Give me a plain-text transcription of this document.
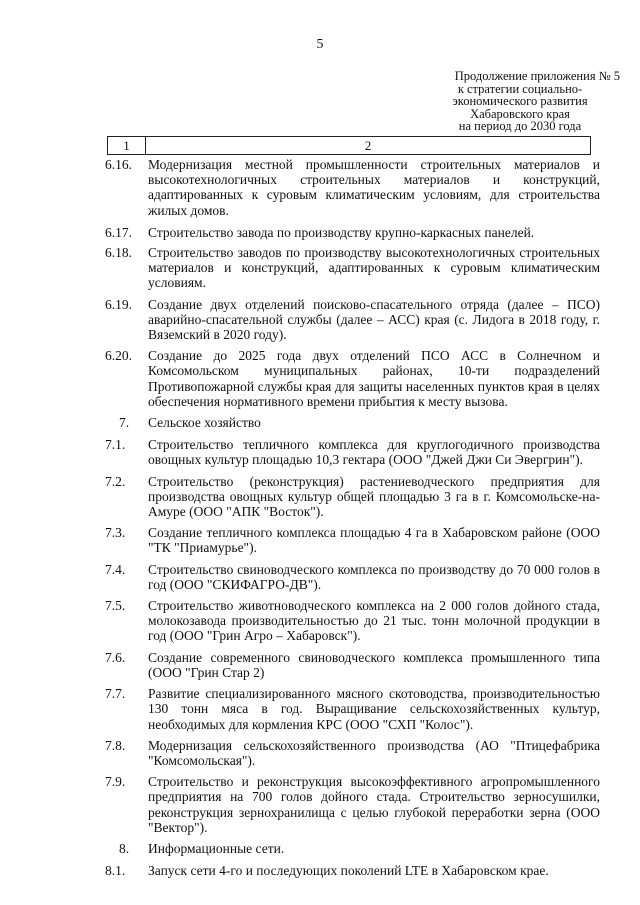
5
Продолжение приложения № 5
к стратегии социально-
экономического развития
Хабаровского края
на период до 2030 года
1	2
6.16.	Модернизация местной промышленности строительных материалов и высокотехнологичных строительных материалов и конструкций, адаптированных к суровым климатическим условиям, для строительства жилых домов.
6.17.	Строительство завода по производству крупно-каркасных панелей.
6.18.	Строительство заводов по производству высокотехнологичных строительных материалов и конструкций, адаптированных к суровым климатическим условиям.
6.19.	Создание двух отделений поисково-спасательного отряда (далее – ПСО) аварийно-спасательной службы (далее – АСС) края (с. Лидога в 2018 году, г. Вяземский в 2020 году).
6.20.	Создание до 2025 года двух отделений ПСО АСС в Солнечном и Комсомольском муниципальных районах, 10-ти подразделений Противопожарной службы края для защиты населенных пунктов края в целях обеспечения нормативного времени прибытия к месту вызова.
7.	Сельское хозяйство
7.1.	Строительство тепличного комплекса для круглогодичного производства овощных культур площадью 10,3 гектара (ООО "Джей Джи Си Эвергрин").
7.2.	Строительство (реконструкция) растениеводческого предприятия для производства овощных культур общей площадью 3 га в г. Комсомольске-на-Амуре (ООО "АПК "Восток").
7.3.	Создание тепличного комплекса площадью 4 га в Хабаровском районе (ООО "ТК "Приамурье").
7.4.	Строительство свиноводческого комплекса по производству до 70 000 голов в год (ООО "СКИФАГРО-ДВ").
7.5.	Строительство животноводческого комплекса на 2 000 голов дойного стада, молокозавода производительностью до 21 тыс. тонн молочной продукции в год (ООО "Грин Агро – Хабаровск").
7.6.	Создание современного свиноводческого комплекса промышленного типа (ООО "Грин Стар 2)
7.7.	Развитие специализированного мясного скотоводства, производительностью 130 тонн мяса в год. Выращивание сельскохозяйственных культур, необходимых для кормления КРС (ООО "СХП "Колос").
7.8.	Модернизация сельскохозяйственного производства (АО "Птицефабрика "Комсомольская").
7.9.	Строительство и реконструкция высокоэффективного агропромышленного предприятия на 700 голов дойного стада. Строительство зерносушилки, реконструкция зернохранилища с целью глубокой переработки зерна (ООО "Вектор").
8.	Информационные сети.
8.1.	Запуск сети 4-го и последующих поколений LTE в Хабаровском крае.
